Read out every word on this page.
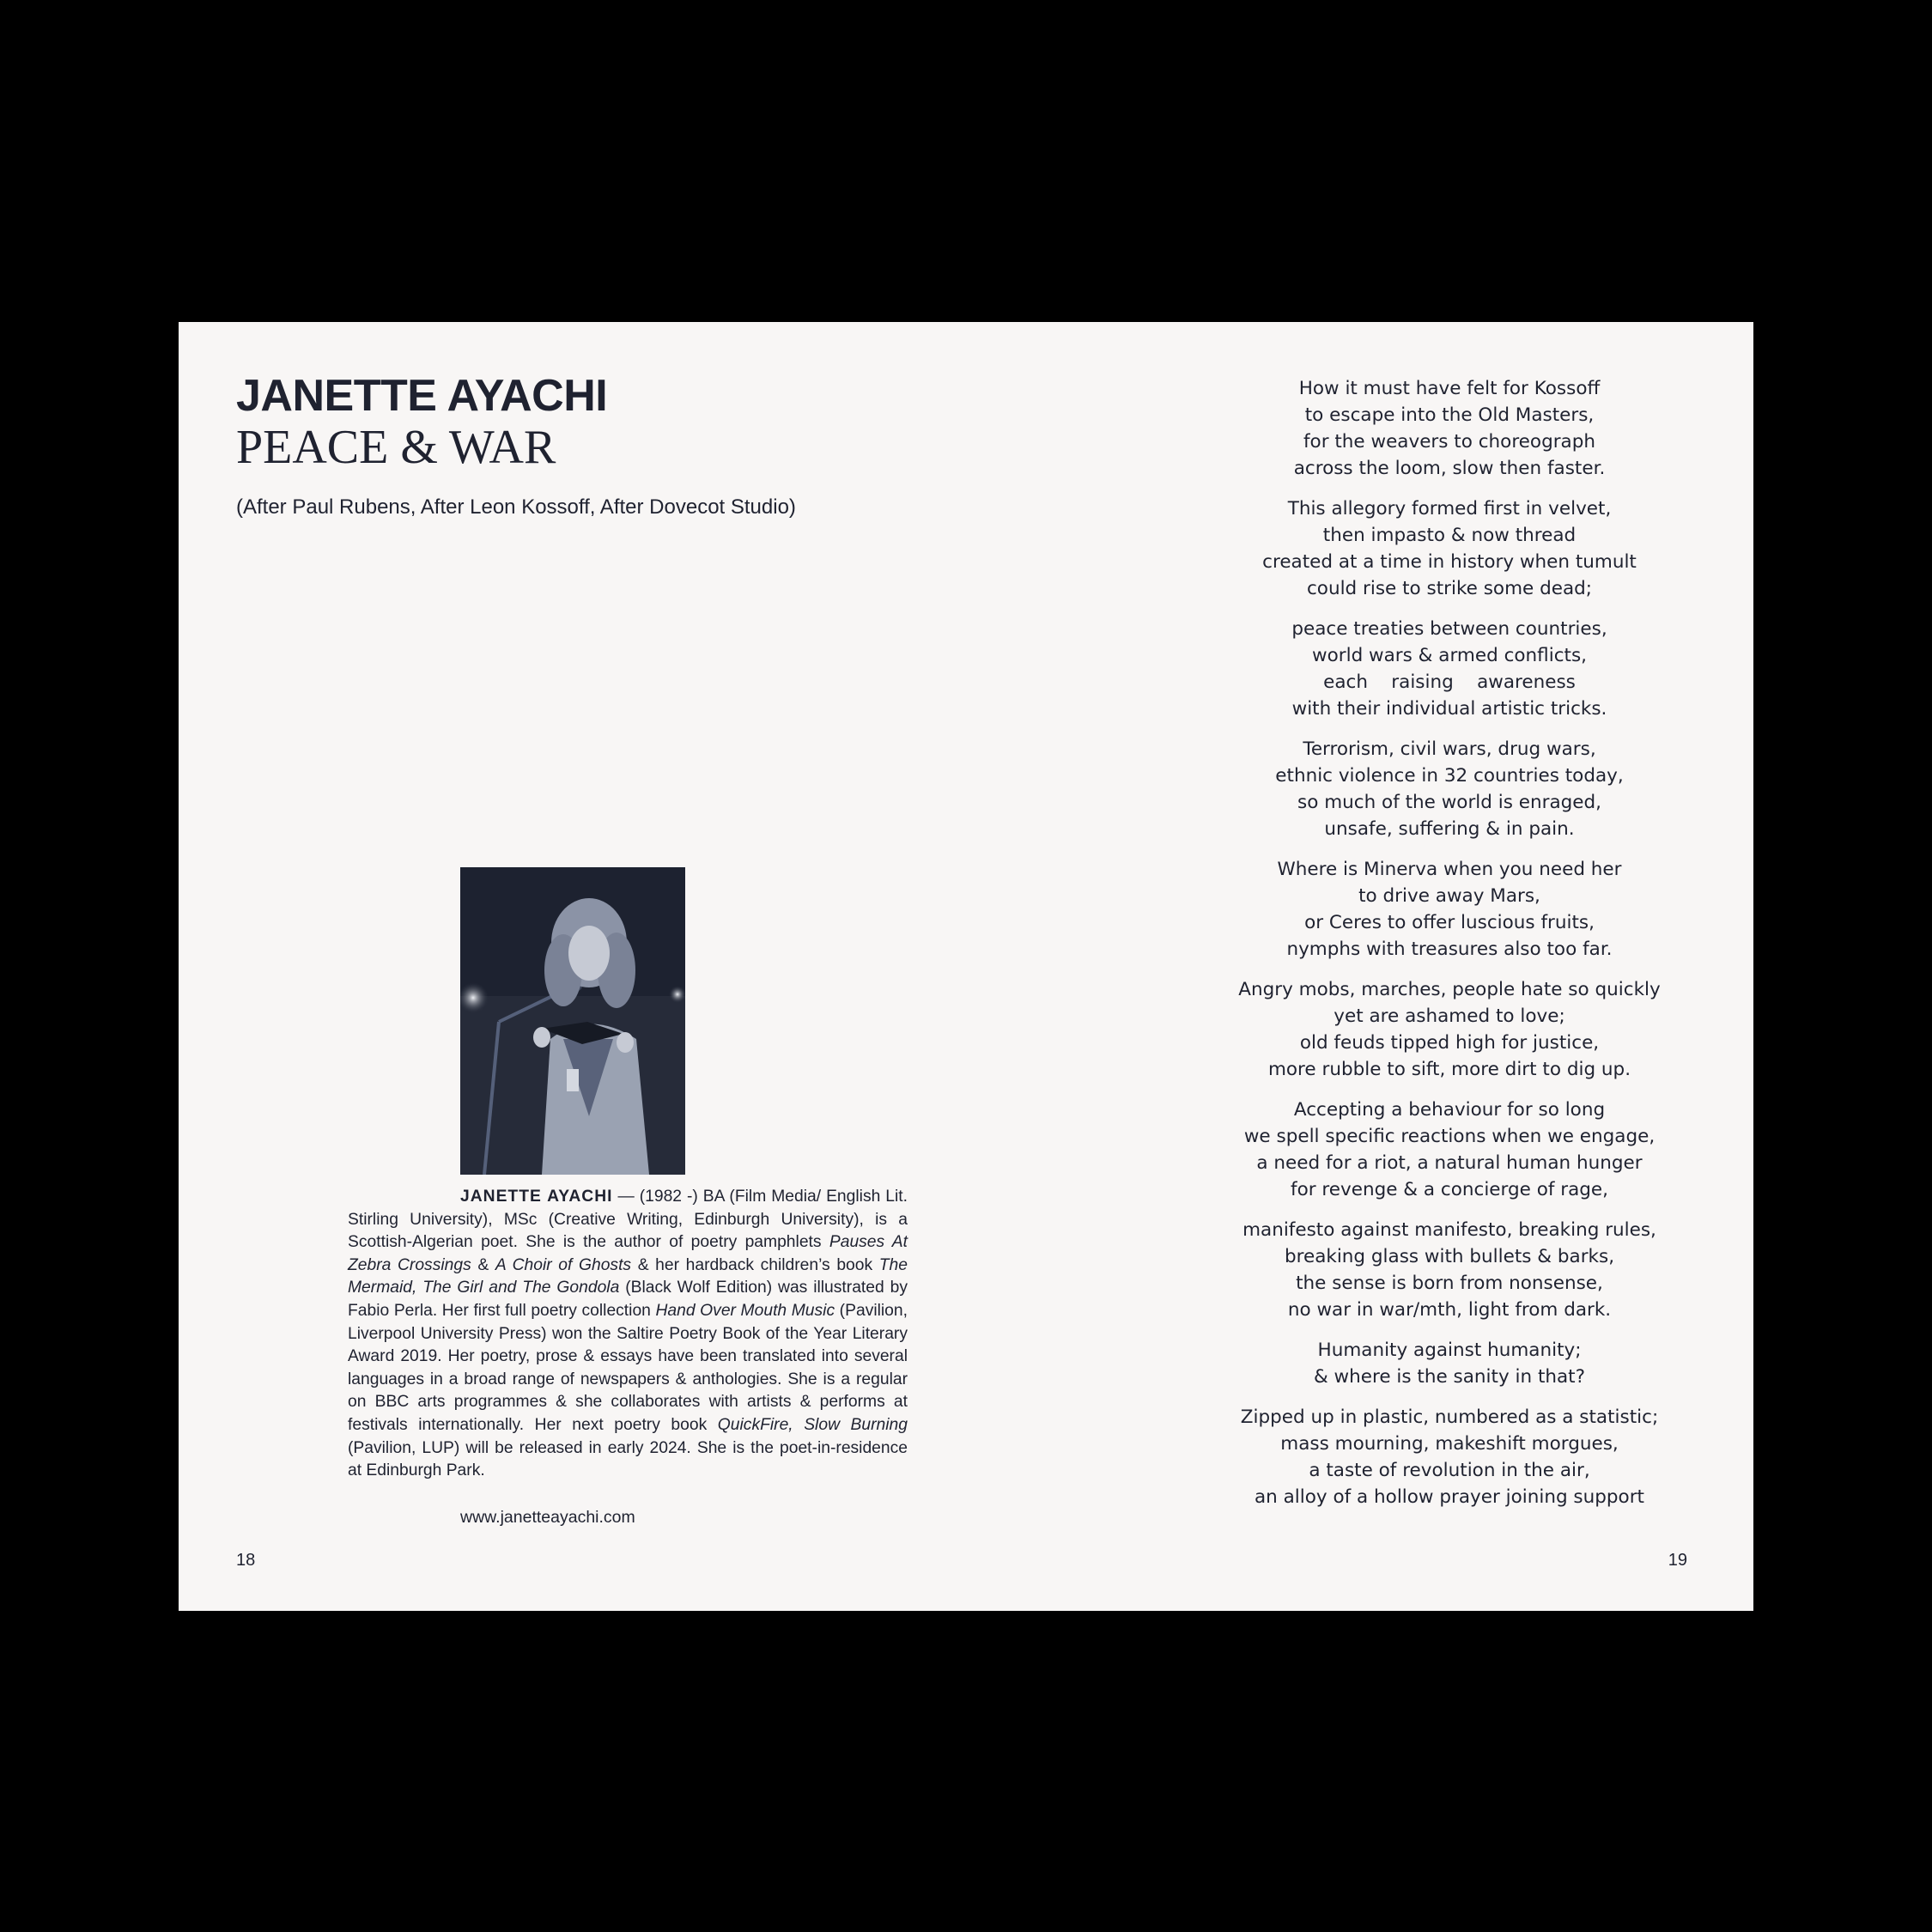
JANETTE AYACHI
PEACE & WAR

(After Paul Rubens, After Leon Kossoff, After Dovecot Studio)

JANETTE AYACHI — (1982 -) BA (Film Media/ English Lit. Stirling University), MSc (Creative Writing, Edinburgh University), is a Scottish-Algerian poet. She is the author of poetry pamphlets Pauses At Zebra Crossings & A Choir of Ghosts & her hardback children’s book The Mermaid, The Girl and The Gondola (Black Wolf Edition) was illustrated by Fabio Perla. Her first full poetry collection Hand Over Mouth Music (Pavilion, Liverpool University Press) won the Saltire Poetry Book of the Year Literary Award 2019. Her poetry, prose & essays have been translated into several languages in a broad range of newspapers & anthologies. She is a regular on BBC arts programmes & she collaborates with artists & performs at festivals internationally. Her next poetry book QuickFire, Slow Burning (Pavilion, LUP) will be released in early 2024. She is the poet-in-residence at Edinburgh Park.

www.janetteayachi.com

18	19

How it must have felt for Kossoff
to escape into the Old Masters,
for the weavers to choreograph
across the loom, slow then faster.

This allegory formed first in velvet,
then impasto & now thread
created at a time in history when tumult
could rise to strike some dead;

peace treaties between countries,
world wars & armed conflicts,
each    raising    awareness
with their individual artistic tricks.

Terrorism, civil wars, drug wars,
ethnic violence in 32 countries today,
so much of the world is enraged,
unsafe, suffering & in pain.

Where is Minerva when you need her
to drive away Mars,
or Ceres to offer luscious fruits,
nymphs with treasures also too far.

Angry mobs, marches, people hate so quickly
yet are ashamed to love;
old feuds tipped high for justice,
more rubble to sift, more dirt to dig up.

Accepting a behaviour for so long
we spell specific reactions when we engage,
a need for a riot, a natural human hunger
for revenge & a concierge of rage,

manifesto against manifesto, breaking rules,
breaking glass with bullets & barks,
the sense is born from nonsense,
no war in war/mth, light from dark.

Humanity against humanity;
& where is the sanity in that?

Zipped up in plastic, numbered as a statistic;
mass mourning, makeshift morgues,
a taste of revolution in the air,
an alloy of a hollow prayer joining support
